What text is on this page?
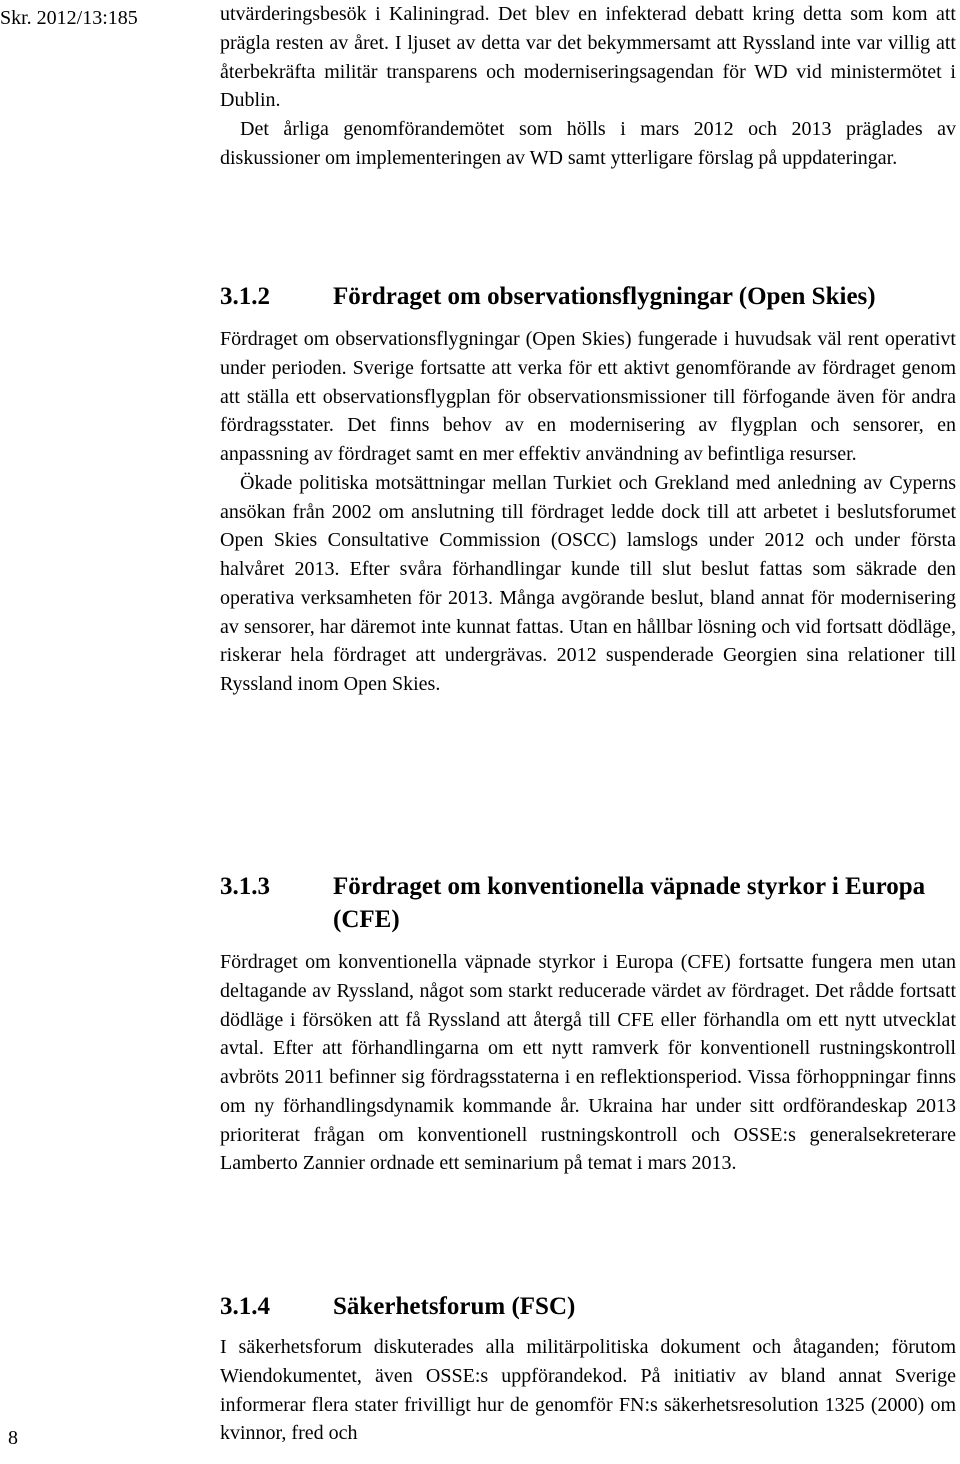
Skr. 2012/13:185	utvärderingsbesök i Kaliningrad. Det blev en infekterad debatt kring detta som kom att prägla resten av året. I ljuset av detta var det bekymmersamt att Ryssland inte var villig att återbekräfta militär transparens och moderniseringsagendan för WD vid ministermötet i Dublin.

Det årliga genomförandemötet som hölls i mars 2012 och 2013 präglades av diskussioner om implementeringen av WD samt ytterligare förslag på uppdateringar.

3.1.2	Fördraget om observationsflygningar (Open Skies)

Fördraget om observationsflygningar (Open Skies) fungerade i huvudsak väl rent operativt under perioden. Sverige fortsatte att verka för ett aktivt genomförande av fördraget genom att ställa ett observationsflygplan för observationsmissioner till förfogande även för andra fördragsstater. Det finns behov av en modernisering av flygplan och sensorer, en anpassning av fördraget samt en mer effektiv användning av befintliga resurser.

Ökade politiska motsättningar mellan Turkiet och Grekland med anledning av Cyperns ansökan från 2002 om anslutning till fördraget ledde dock till att arbetet i beslutsforumet Open Skies Consultative Commission (OSCC) lamslogs under 2012 och under första halvåret 2013. Efter svåra förhandlingar kunde till slut beslut fattas som säkrade den operativa verksamheten för 2013. Många avgörande beslut, bland annat för modernisering av sensorer, har däremot inte kunnat fattas. Utan en hållbar lösning och vid fortsatt dödläge, riskerar hela fördraget att undergrävas. 2012 suspenderade Georgien sina relationer till Ryssland inom Open Skies.

3.1.3	Fördraget om konventionella väpnade styrkor i Europa (CFE)

Fördraget om konventionella väpnade styrkor i Europa (CFE) fortsatte fungera men utan deltagande av Ryssland, något som starkt reducerade värdet av fördraget. Det rådde fortsatt dödläge i försöken att få Ryssland att återgå till CFE eller förhandla om ett nytt utvecklat avtal. Efter att förhandlingarna om ett nytt ramverk för konventionell rustningskontroll avbröts 2011 befinner sig fördragsstaterna i en reflektionsperiod. Vissa förhoppningar finns om ny förhandlingsdynamik kommande år. Ukraina har under sitt ordförandeskap 2013 prioriterat frågan om konventionell rustningskontroll och OSSE:s generalsekreterare Lamberto Zannier ordnade ett seminarium på temat i mars 2013.

3.1.4	Säkerhetsforum (FSC)

I säkerhetsforum diskuterades alla militärpolitiska dokument och åtaganden; förutom Wiendokumentet, även OSSE:s uppförandekod. På initiativ av bland annat Sverige informerar flera stater frivilligt hur de genomför FN:s säkerhetsresolution 1325 (2000) om kvinnor, fred och

8
